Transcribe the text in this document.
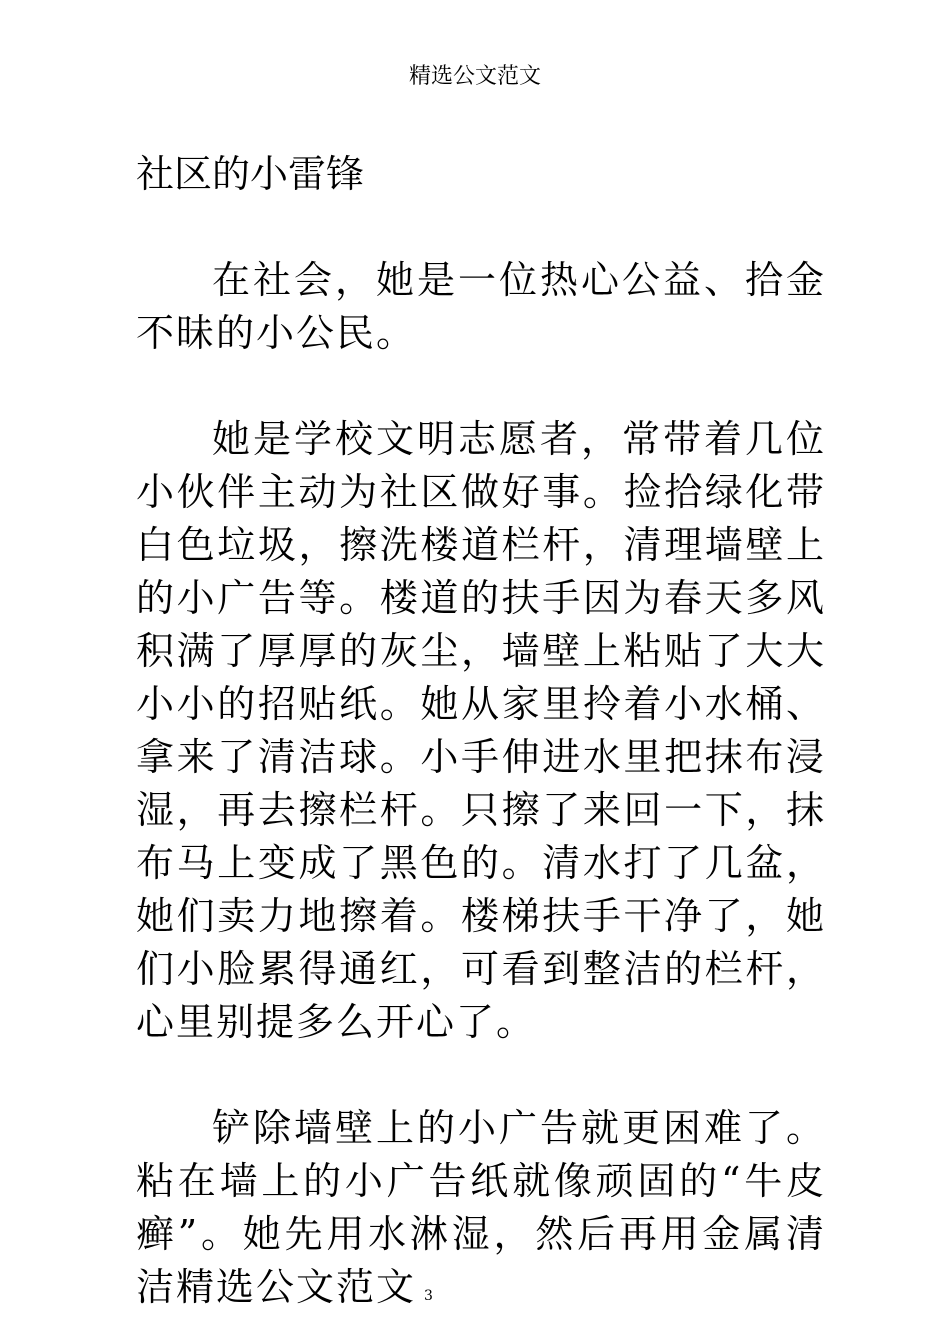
精选公文范文
社区的小雷锋

在社会，她是一位热心公益、拾金不昧的小公民。

她是学校文明志愿者，常带着几位小伙伴主动为社区做好事。捡拾绿化带白色垃圾，擦洗楼道栏杆，清理墙壁上的小广告等。楼道的扶手因为春天多风积满了厚厚的灰尘，墙壁上粘贴了大大小小的招贴纸。她从家里拎着小水桶、拿来了清洁球。小手伸进水里把抹布浸湿，再去擦栏杆。只擦了来回一下，抹布马上变成了黑色的。清水打了几盆，她们卖力地擦着。楼梯扶手干净了，她们小脸累得通红，可看到整洁的栏杆，心里别提多么开心了。

铲除墙壁上的小广告就更困难了。粘在墙上的小广告纸就像顽固的“牛皮癣”。她先用水淋湿，然后再用金属清洁精选公文范文 3
